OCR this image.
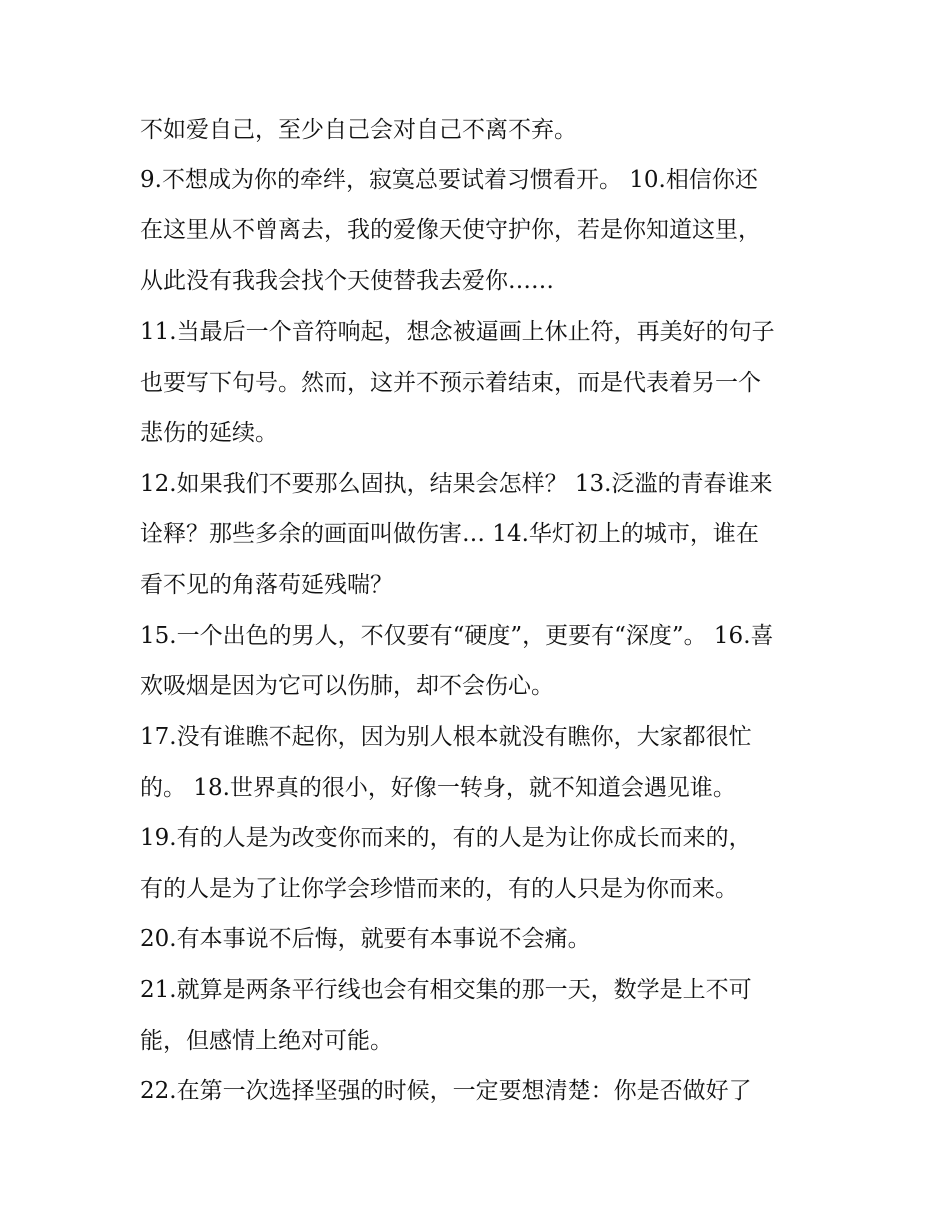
不如爱自己，至少自己会对自己不离不弃。
9.不想成为你的牵绊，寂寞总要试着习惯看开。 10.相信你还
在这里从不曾离去，我的爱像天使守护你，若是你知道这里，
从此没有我我会找个天使替我去爱你……
11.当最后一个音符响起，想念被逼画上休止符，再美好的句子
也要写下句号。然而，这并不预示着结束，而是代表着另一个
悲伤的延续。
12.如果我们不要那么固执，结果会怎样？ 13.泛滥的青春谁来
诠释？那些多余的画面叫做伤害… 14.华灯初上的城市，谁在
看不见的角落苟延残喘？
15.一个出色的男人，不仅要有“硬度”，更要有“深度”。 16.喜
欢吸烟是因为它可以伤肺，却不会伤心。
17.没有谁瞧不起你，因为别人根本就没有瞧你，大家都很忙
的。 18.世界真的很小，好像一转身，就不知道会遇见谁。
19.有的人是为改变你而来的，有的人是为让你成长而来的，
有的人是为了让你学会珍惜而来的，有的人只是为你而来。
20.有本事说不后悔，就要有本事说不会痛。
21.就算是两条平行线也会有相交集的那一天，数学是上不可
能，但感情上绝对可能。
22.在第一次选择坚强的时候，一定要想清楚：你是否做好了
